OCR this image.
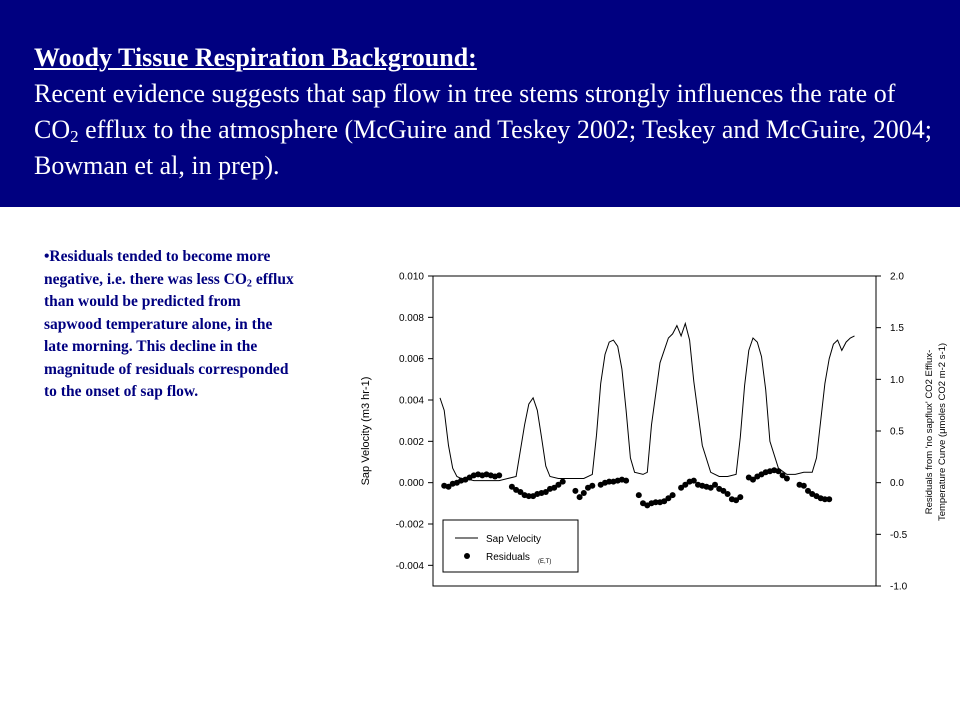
Woody Tissue Respiration Background:
Recent evidence suggests that sap flow in tree stems strongly influences the rate of $CO_2$ efflux to the atmosphere (McGuire and Teskey 2002; Teskey and McGuire, 2004; Bowman et al, in prep).
•Residuals tended to become more negative, i.e. there was less $CO_2$ efflux than would be predicted from sapwood temperature alone, in the late morning. This decline in the magnitude of residuals corresponded to the onset of sap flow.
0.010
0.008
0.006
0.004
0.002
0.000
-0.002
-0.004
2.0
1.5
1.0
0.5
0.0
-0.5
-1.0
Sap Velocity (m3 hr-1)	Residuals from 'no sapflux' CO2 Efflux- Temperature Curve (μmoles CO2 m-2 s-1)
Sap Velocity
Residuals (E,T)
